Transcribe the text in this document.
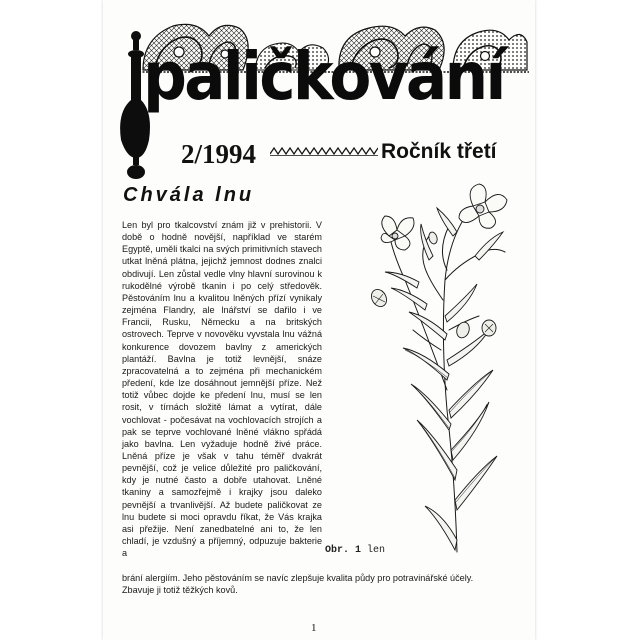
paličkování
2/1994	Ročník třetí
Chvála lnu

Len byl pro tkalcovství znám již v prehistorii. V době o hodně novější, například ve starém Egyptě, uměli tkalci na svých primitivních stavech utkat lněná plátna, jejichž jemnost dodnes znalci obdivují. Len zůstal vedle vlny hlavní surovinou k rukodělné výrobě tkanin i po celý středověk. Pěstováním lnu a kvalitou lněných přízí vynikaly zejména Flandry, ale lnářství se dařilo i ve Francii, Rusku, Německu a na britských ostrovech. Teprve v novověku vyvstala lnu vážná konkurence dovozem bavlny z amerických plantáží. Bavlna je totiž levnější, snáze zpracovatelná a to zejména při mechanickém předení, kde lze dosáhnout jemnější příze. Než totiž vůbec dojde ke předení lnu, musí se len rosit, v tírnách složitě lámat a vytírat, dále vochlovat - počesávat na vochlovacích strojích a pak se teprve vochlované lněné vlákno spřádá jako bavlna. Len vyžaduje hodně živé práce. Lněná příze je však v tahu téměř dvakrát pevnější, což je velice důležité pro paličkování, kdy je nutné často a dobře utahovat. Lněné tkaniny a samozřejmě i krajky jsou daleko pevnější a trvanlivější. Až budete paličkovat ze lnu budete si moci opravdu říkat, že Vás krajka asi přežije. Není zanedbatelné ani to, že len chladí, je vzdušný a příjemný, odpuzuje bakterie a

brání alergiím. Jeho pěstováním se navíc zlepšuje kvalita půdy pro potravinářské účely.
Zbavuje ji totiž těžkých kovů.
Obr. 1 len
1
